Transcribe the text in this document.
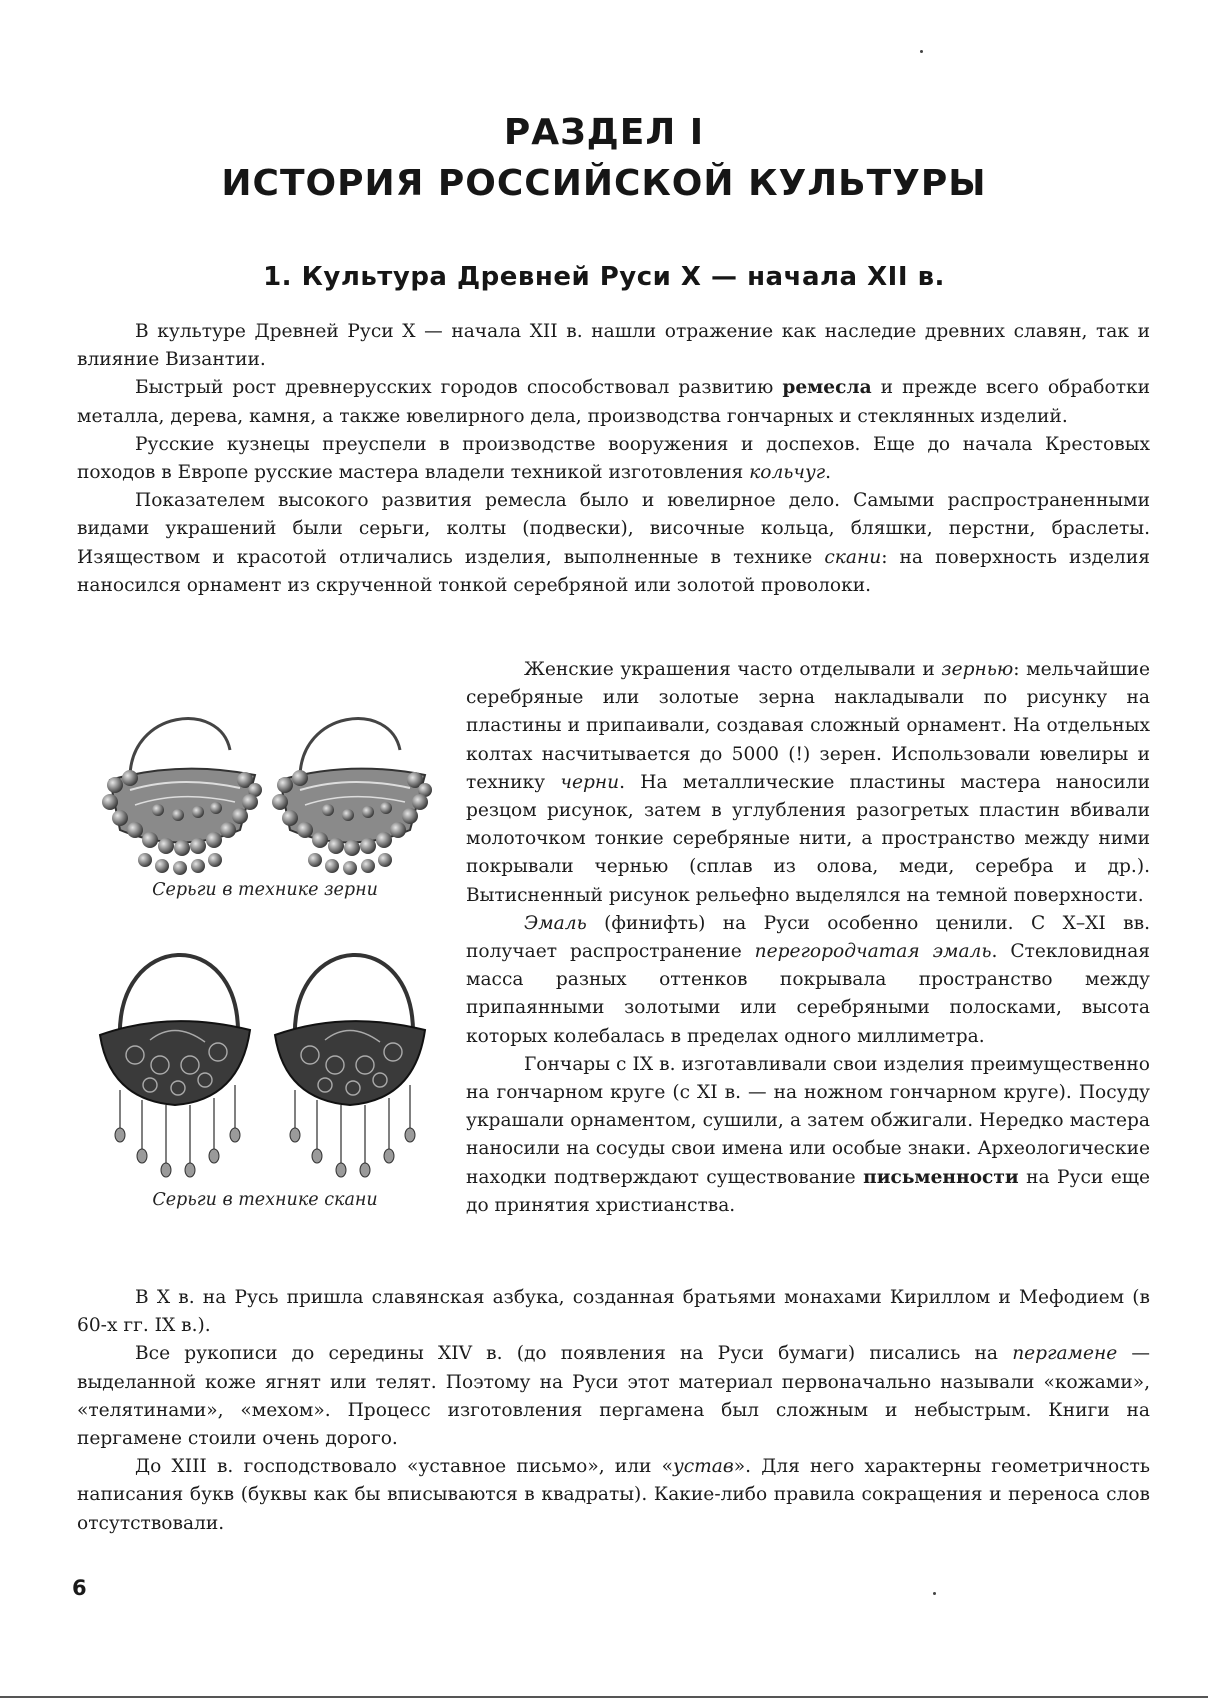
РАЗДЕЛ I
ИСТОРИЯ РОССИЙСКОЙ КУЛЬТУРЫ
1. Культура Древней Руси X — начала XII в.

В культуре Древней Руси X — начала XII в. нашли отражение как наследие древних славян, так и влияние Византии.

Быстрый рост древнерусских городов способствовал развитию ремесла и прежде всего обработки металла, дерева, камня, а также ювелирного дела, производства гончарных и стеклянных изделий.

Русские кузнецы преуспели в производстве вооружения и доспехов. Еще до начала Крестовых походов в Европе русские мастера владели техникой изготовления кольчуг.

Показателем высокого развития ремесла было и ювелирное дело. Самыми распространенными видами украшений были серьги, колты (подвески), височные кольца, бляшки, перстни, браслеты. Изяществом и красотой отличались изделия, выполненные в технике скани: на поверхность изделия наносился орнамент из скрученной тонкой серебряной или золотой проволоки.

Серьги в технике зерни
Серьги в технике скани

Женские украшения часто отделывали и зернью: мельчайшие серебряные или золотые зерна накладывали по рисунку на пластины и припаивали, создавая сложный орнамент. На отдельных колтах насчитывается до 5000 (!) зерен. Использовали ювелиры и технику черни. На металлические пластины мастера наносили резцом рисунок, затем в углубления разогретых пластин вбивали молоточком тонкие серебряные нити, а пространство между ними покрывали чернью (сплав из олова, меди, серебра и др.). Вытисненный рисунок рельефно выделялся на темной поверхности.

Эмаль (финифть) на Руси особенно ценили. С X–XI вв. получает распространение перегородчатая эмаль. Стекловидная масса разных оттенков покрывала пространство между припаянными золотыми или серебряными полосками, высота которых колебалась в пределах одного миллиметра.

Гончары с IX в. изготавливали свои изделия преимущественно на гончарном круге (с XI в. — на ножном гончарном круге). Посуду украшали орнаментом, сушили, а затем обжигали. Нередко мастера наносили на сосуды свои имена или особые знаки. Археологические находки подтверждают существование письменности на Руси еще до принятия христианства.

В X в. на Русь пришла славянская азбука, созданная братьями монахами Кириллом и Мефодием (в 60-х гг. IX в.).

Все рукописи до середины XIV в. (до появления на Руси бумаги) писались на пергамене — выделанной коже ягнят или телят. Поэтому на Руси этот материал первоначально называли «кожами», «телятинами», «мехом». Процесс изготовления пергамена был сложным и небыстрым. Книги на пергамене стоили очень дорого.

До XIII в. господствовало «уставное письмо», или «устав». Для него характерны геометричность написания букв (буквы как бы вписываются в квадраты). Какие-либо правила сокращения и переноса слов отсутствовали.

6
